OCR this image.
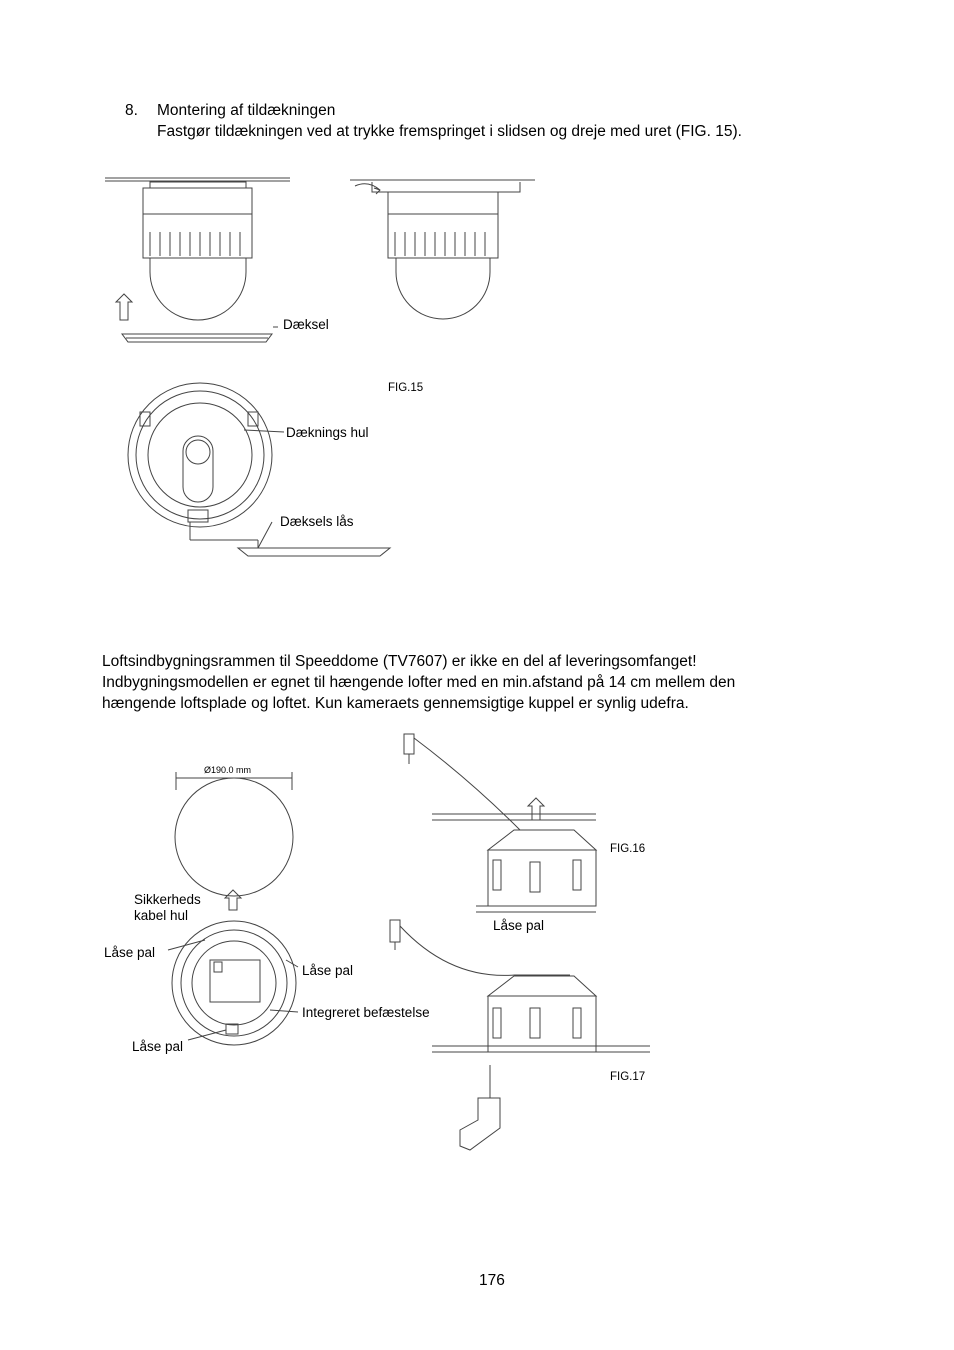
8. Montering af tildækningen
Fastgør tildækningen ved at trykke fremspringet i slidsen og dreje med uret (FIG. 15).
Dæksel
FIG.15
Dæknings hul
Dæksels lås
Loftsindbygningsrammen til Speeddome (TV7607) er ikke en del af leveringsomfanget!
Indbygningsmodellen er egnet til hængende lofter med en min.afstand på 14 cm mellem den
hængende loftsplade og loftet. Kun kameraets gennemsigtige kuppel er synlig udefra.
Ø190.0 mm
FIG.16
Sikkerheds
kabel hul
Låse pal
Låse pal
Låse pal
Integreret befæstelse
Låse pal
FIG.17
176
